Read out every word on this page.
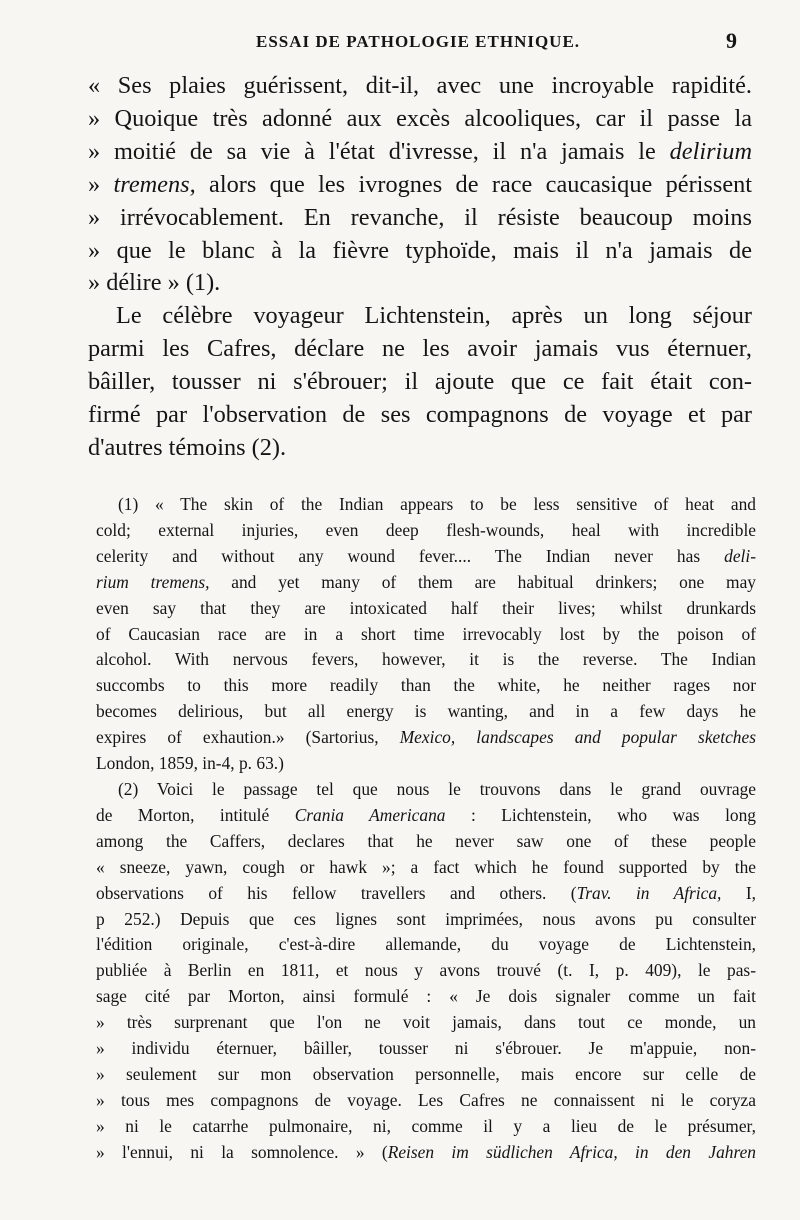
ESSAI DE PATHOLOGIE ETHNIQUE.	9

« Ses plaies guérissent, dit-il, avec une incroyable rapidité.
» Quoique très adonné aux excès alcooliques, car il passe la
» moitié de sa vie à l'état d'ivresse, il n'a jamais le delirium
» tremens, alors que les ivrognes de race caucasique périssent
» irrévocablement. En revanche, il résiste beaucoup moins
» que le blanc à la fièvre typhoïde, mais il n'a jamais de
» délire » (1).

Le célèbre voyageur Lichtenstein, après un long séjour
parmi les Cafres, déclare ne les avoir jamais vus éternuer,
bâiller, tousser ni s'ébrouer; il ajoute que ce fait était con-
firmé par l'observation de ses compagnons de voyage et par
d'autres témoins (2).

(1) « The skin of the Indian appears to be less sensitive of heat and
cold; external injuries, even deep flesh-wounds, heal with incredible
celerity and without any wound fever.... The Indian never has deli-
rium tremens, and yet many of them are habitual drinkers; one may
even say that they are intoxicated half their lives; whilst drunkards
of Caucasian race are in a short time irrevocably lost by the poison of
alcohol. With nervous fevers, however, it is the reverse. The Indian
succombs to this more readily than the white, he neither rages nor
becomes delirious, but all energy is wanting, and in a few days he
expires of exhaution.» (Sartorius, Mexico, landscapes and popular sketches
London, 1859, in-4, p. 63.)
(2) Voici le passage tel que nous le trouvons dans le grand ouvrage
de Morton, intitulé Crania Americana : Lichtenstein, who was long
among the Caffers, declares that he never saw one of these people
« sneeze, yawn, cough or hawk »; a fact which he found supported by the
observations of his fellow travellers and others. (Trav. in Africa, I,
p 252.) Depuis que ces lignes sont imprimées, nous avons pu consulter
l'édition originale, c'est-à-dire allemande, du voyage de Lichtenstein,
publiée à Berlin en 1811, et nous y avons trouvé (t. I, p. 409), le pas-
sage cité par Morton, ainsi formulé : « Je dois signaler comme un fait
» très surprenant que l'on ne voit jamais, dans tout ce monde, un
» individu éternuer, bâiller, tousser ni s'ébrouer. Je m'appuie, non-
» seulement sur mon observation personnelle, mais encore sur celle de
» tous mes compagnons de voyage. Les Cafres ne connaissent ni le coryza
» ni le catarrhe pulmonaire, ni, comme il y a lieu de le présumer,
» l'ennui, ni la somnolence. » (Reisen im südlichen Africa, in den Jahren
